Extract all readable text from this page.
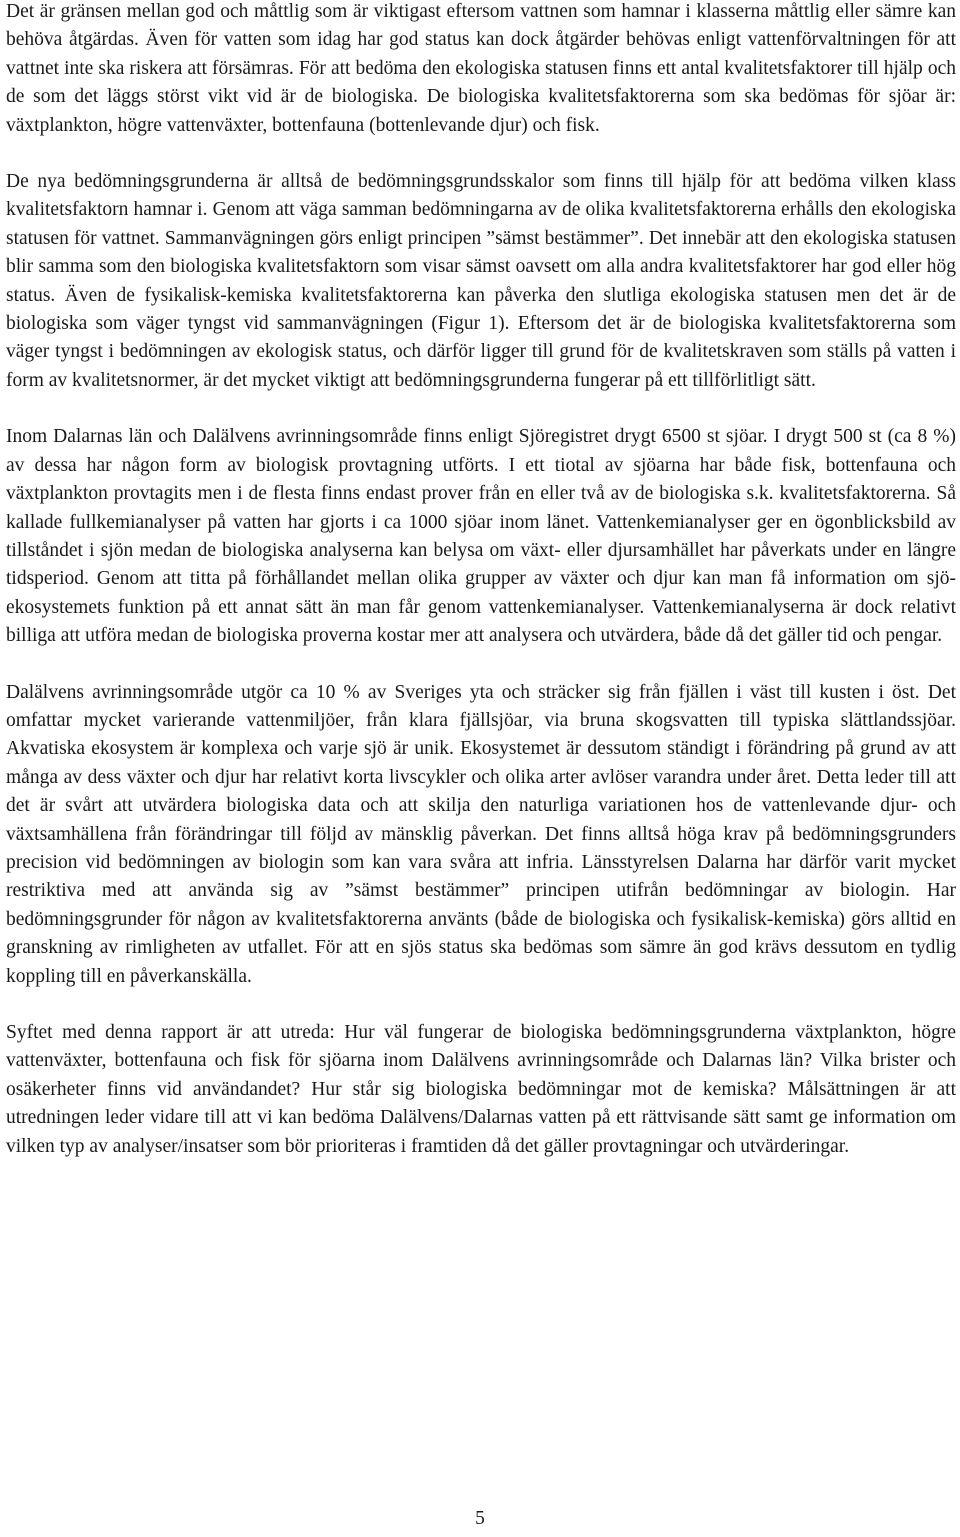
Det är gränsen mellan god och måttlig som är viktigast eftersom vattnen som hamnar i klasserna måttlig eller sämre kan behöva åtgärdas. Även för vatten som idag har god status kan dock åtgärder behövas enligt vattenförvaltningen för att vattnet inte ska riskera att försämras. För att bedöma den ekologiska statusen finns ett antal kvalitetsfaktorer till hjälp och de som det läggs störst vikt vid är de biologiska. De biologiska kvalitetsfaktorerna som ska bedömas för sjöar är: växtplankton, högre vattenväxter, bottenfauna (bottenlevande djur) och fisk.

De nya bedömningsgrunderna är alltså de bedömningsgrundsskalor som finns till hjälp för att bedöma vilken klass kvalitetsfaktorn hamnar i. Genom att väga samman bedömningarna av de olika kvalitetsfaktorerna erhålls den ekologiska statusen för vattnet. Sammanvägningen görs enligt principen ”sämst bestämmer”. Det innebär att den ekologiska statusen blir samma som den biologiska kvalitetsfaktorn som visar sämst oavsett om alla andra kvalitetsfaktorer har god eller hög status. Även de fysikalisk-kemiska kvalitetsfaktorerna kan påverka den slutliga ekologiska statusen men det är de biologiska som väger tyngst vid sammanvägningen (Figur 1). Eftersom det är de biologiska kvalitetsfaktorerna som väger tyngst i bedömningen av ekologisk status, och därför ligger till grund för de kvalitetskraven som ställs på vatten i form av kvalitetsnormer, är det mycket viktigt att bedömningsgrunderna fungerar på ett tillförlitligt sätt.

Inom Dalarnas län och Dalälvens avrinningsområde finns enligt Sjöregistret drygt 6500 st sjöar. I drygt 500 st (ca 8 %) av dessa har någon form av biologisk provtagning utförts. I ett tiotal av sjöarna har både fisk, bottenfauna och växtplankton provtagits men i de flesta finns endast prover från en eller två av de biologiska s.k. kvalitetsfaktorerna. Så kallade fullkemianalyser på vatten har gjorts i ca 1000 sjöar inom länet. Vattenkemianalyser ger en ögonblicksbild av tillståndet i sjön medan de biologiska analyserna kan belysa om växt- eller djursamhället har påverkats under en längre tidsperiod. Genom att titta på förhållandet mellan olika grupper av växter och djur kan man få information om sjö-ekosystemets funktion på ett annat sätt än man får genom vattenkemianalyser. Vattenkemianalyserna är dock relativt billiga att utföra medan de biologiska proverna kostar mer att analysera och utvärdera, både då det gäller tid och pengar.

Dalälvens avrinningsområde utgör ca 10 % av Sveriges yta och sträcker sig från fjällen i väst till kusten i öst. Det omfattar mycket varierande vattenmiljöer, från klara fjällsjöar, via bruna skogsvatten till typiska slättlandssjöar. Akvatiska ekosystem är komplexa och varje sjö är unik. Ekosystemet är dessutom ständigt i förändring på grund av att många av dess växter och djur har relativt korta livscykler och olika arter avlöser varandra under året. Detta leder till att det är svårt att utvärdera biologiska data och att skilja den naturliga variationen hos de vattenlevande djur- och växtsamhällena från förändringar till följd av mänsklig påverkan. Det finns alltså höga krav på bedömningsgrunders precision vid bedömningen av biologin som kan vara svåra att infria. Länsstyrelsen Dalarna har därför varit mycket restriktiva med att använda sig av ”sämst bestämmer” principen utifrån bedömningar av biologin. Har bedömningsgrunder för någon av kvalitetsfaktorerna använts (både de biologiska och fysikalisk-kemiska) görs alltid en granskning av rimligheten av utfallet. För att en sjös status ska bedömas som sämre än god krävs dessutom en tydlig koppling till en påverkanskälla.

Syftet med denna rapport är att utreda: Hur väl fungerar de biologiska bedömningsgrunderna växtplankton, högre vattenväxter, bottenfauna och fisk för sjöarna inom Dalälvens avrinningsområde och Dalarnas län? Vilka brister och osäkerheter finns vid användandet? Hur står sig biologiska bedömningar mot de kemiska? Målsättningen är att utredningen leder vidare till att vi kan bedöma Dalälvens/Dalarnas vatten på ett rättvisande sätt samt ge information om vilken typ av analyser/insatser som bör prioriteras i framtiden då det gäller provtagningar och utvärderingar.

5
